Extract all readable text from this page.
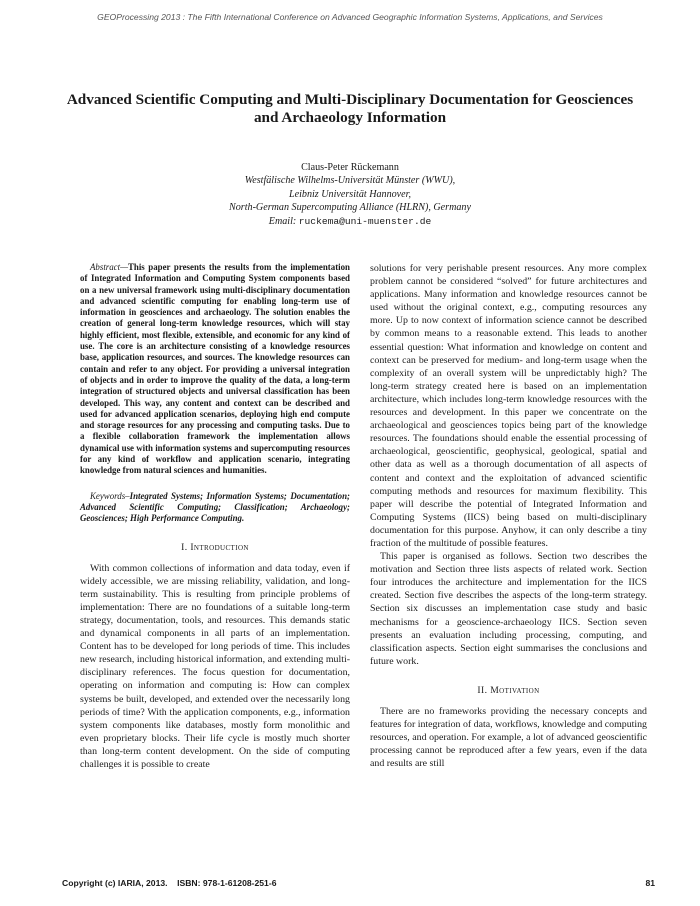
GEOProcessing 2013 : The Fifth International Conference on Advanced Geographic Information Systems, Applications, and Services
Advanced Scientific Computing and Multi-Disciplinary Documentation for Geosciences and Archaeology Information
Claus-Peter Rückemann
Westfälische Wilhelms-Universität Münster (WWU),
Leibniz Universität Hannover,
North-German Supercomputing Alliance (HLRN), Germany
Email: ruckema@uni-muenster.de

Abstract—This paper presents the results from the implementation of Integrated Information and Computing System components based on a new universal framework using multi-disciplinary documentation and advanced scientific computing for enabling long-term use of information in geosciences and archaeology. The solution enables the creation of general long-term knowledge resources, which will stay highly efficient, most flexible, extensible, and economic for any kind of use. The core is an architecture consisting of a knowledge resources base, application resources, and sources. The knowledge resources can contain and refer to any object. For providing a universal integration of objects and in order to improve the quality of the data, a long-term integration of structured objects and universal classification has been developed. This way, any content and context can be described and used for advanced application scenarios, deploying high end compute and storage resources for any processing and computing tasks. Due to a flexible collaboration framework the implementation allows dynamical use with information systems and supercomputing resources for any kind of workflow and application scenario, integrating knowledge from natural sciences and humanities.

Keywords–Integrated Systems; Information Systems; Documentation; Advanced Scientific Computing; Classification; Archaeology; Geosciences; High Performance Computing.

I. Introduction

With common collections of information and data today, even if widely accessible, we are missing reliability, validation, and long-term sustainability. This is resulting from principle problems of implementation: There are no foundations of a suitable long-term strategy, documentation, tools, and resources. This demands static and dynamical components in all parts of an implementation. Content has to be developed for long periods of time. This includes new research, including historical information, and extending multi-disciplinary references. The focus question for documentation, operating on information and computing is: How can complex systems be built, developed, and extended over the necessarily long periods of time? With the application components, e.g., information system components like databases, mostly form monolithic and even proprietary blocks. Their life cycle is mostly much shorter than long-term content development. On the side of computing challenges it is possible to create

solutions for very perishable present resources. Any more complex problem cannot be considered “solved” for future architectures and applications. Many information and knowledge resources cannot be used without the original context, e.g., computing resources any more. Up to now context of information science cannot be described by common means to a reasonable extend. This leads to another essential question: What information and knowledge on content and context can be preserved for medium- and long-term usage when the complexity of an overall system will be unpredictably high? The long-term strategy created here is based on an implementation architecture, which includes long-term knowledge resources with the resources and development. In this paper we concentrate on the archaeological and geosciences topics being part of the knowledge resources. The foundations should enable the essential processing of archaeological, geoscientific, geophysical, geological, spatial and other data as well as a thorough documentation of all aspects of content and context and the exploitation of advanced scientific computing methods and resources for maximum flexibility. This paper will describe the potential of Integrated Information and Computing Systems (IICS) being based on multi-disciplinary documentation for this purpose. Anyhow, it can only describe a tiny fraction of the multitude of possible features.

This paper is organised as follows. Section two describes the motivation and Section three lists aspects of related work. Section four introduces the architecture and implementation for the IICS created. Section five describes the aspects of the long-term strategy. Section six discusses an implementation case study and basic mechanisms for a geoscience-archaeology IICS. Section seven presents an evaluation including processing, computing, and classification aspects. Section eight summarises the conclusions and future work.

II. Motivation

There are no frameworks providing the necessary concepts and features for integration of data, workflows, knowledge and computing resources, and operation. For example, a lot of advanced geoscientific processing cannot be reproduced after a few years, even if the data and results are still

Copyright (c) IARIA, 2013. ISBN: 978-1-61208-251-6	81
